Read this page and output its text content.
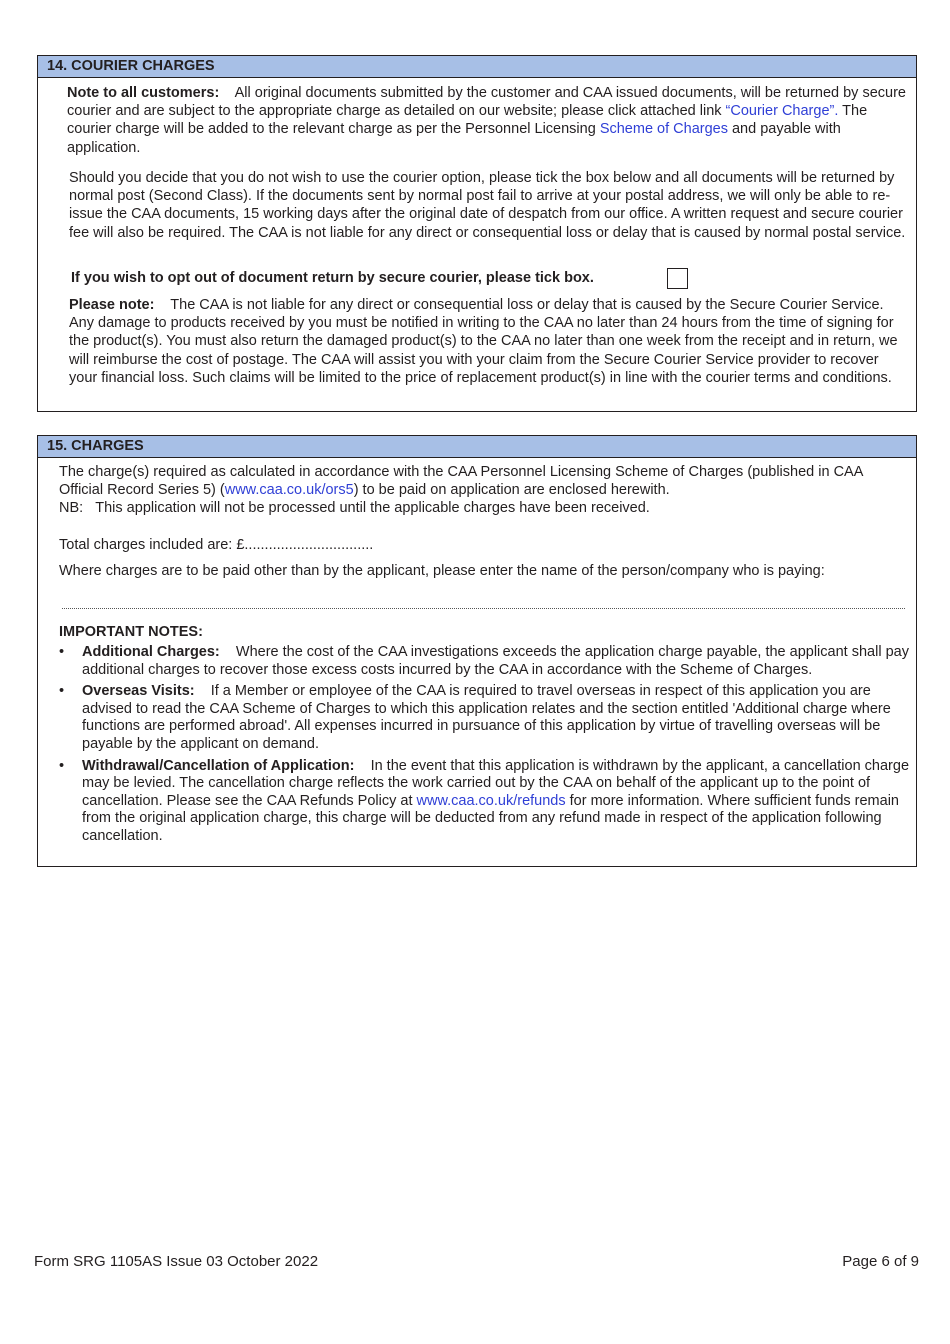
14. COURIER CHARGES

Note to all customers: All original documents submitted by the customer and CAA issued documents, will be returned by secure courier and are subject to the appropriate charge as detailed on our website; please click attached link “Courier Charge”. The courier charge will be added to the relevant charge as per the Personnel Licensing Scheme of Charges and payable with application.

Should you decide that you do not wish to use the courier option, please tick the box below and all documents will be returned by normal post (Second Class). If the documents sent by normal post fail to arrive at your postal address, we will only be able to re-issue the CAA documents, 15 working days after the original date of despatch from our office. A written request and secure courier fee will also be required. The CAA is not liable for any direct or consequential loss or delay that is caused by normal postal service.

If you wish to opt out of document return by secure courier, please tick box.

Please note: The CAA is not liable for any direct or consequential loss or delay that is caused by the Secure Courier Service. Any damage to products received by you must be notified in writing to the CAA no later than 24 hours from the time of signing for the product(s). You must also return the damaged product(s) to the CAA no later than one week from the receipt and in return, we will reimburse the cost of postage. The CAA will assist you with your claim from the Secure Courier Service provider to recover your financial loss. Such claims will be limited to the price of replacement product(s) in line with the courier terms and conditions.

15. CHARGES

The charge(s) required as calculated in accordance with the CAA Personnel Licensing Scheme of Charges (published in CAA Official Record Series 5) (www.caa.co.uk/ors5) to be paid on application are enclosed herewith.
NB: This application will not be processed until the applicable charges have been received.

Total charges included are: £................................

Where charges are to be paid other than by the applicant, please enter the name of the person/company who is paying:

IMPORTANT NOTES:

• Additional Charges: Where the cost of the CAA investigations exceeds the application charge payable, the applicant shall pay additional charges to recover those excess costs incurred by the CAA in accordance with the Scheme of Charges.
• Overseas Visits: If a Member or employee of the CAA is required to travel overseas in respect of this application you are advised to read the CAA Scheme of Charges to which this application relates and the section entitled 'Additional charge where functions are performed abroad'. All expenses incurred in pursuance of this application by virtue of travelling overseas will be payable by the applicant on demand.
• Withdrawal/Cancellation of Application: In the event that this application is withdrawn by the applicant, a cancellation charge may be levied. The cancellation charge reflects the work carried out by the CAA on behalf of the applicant up to the point of cancellation. Please see the CAA Refunds Policy at www.caa.co.uk/refunds for more information. Where sufficient funds remain from the original application charge, this charge will be deducted from any refund made in respect of the application following cancellation.
Form SRG 1105AS Issue 03 October 2022	Page 6 of 9
